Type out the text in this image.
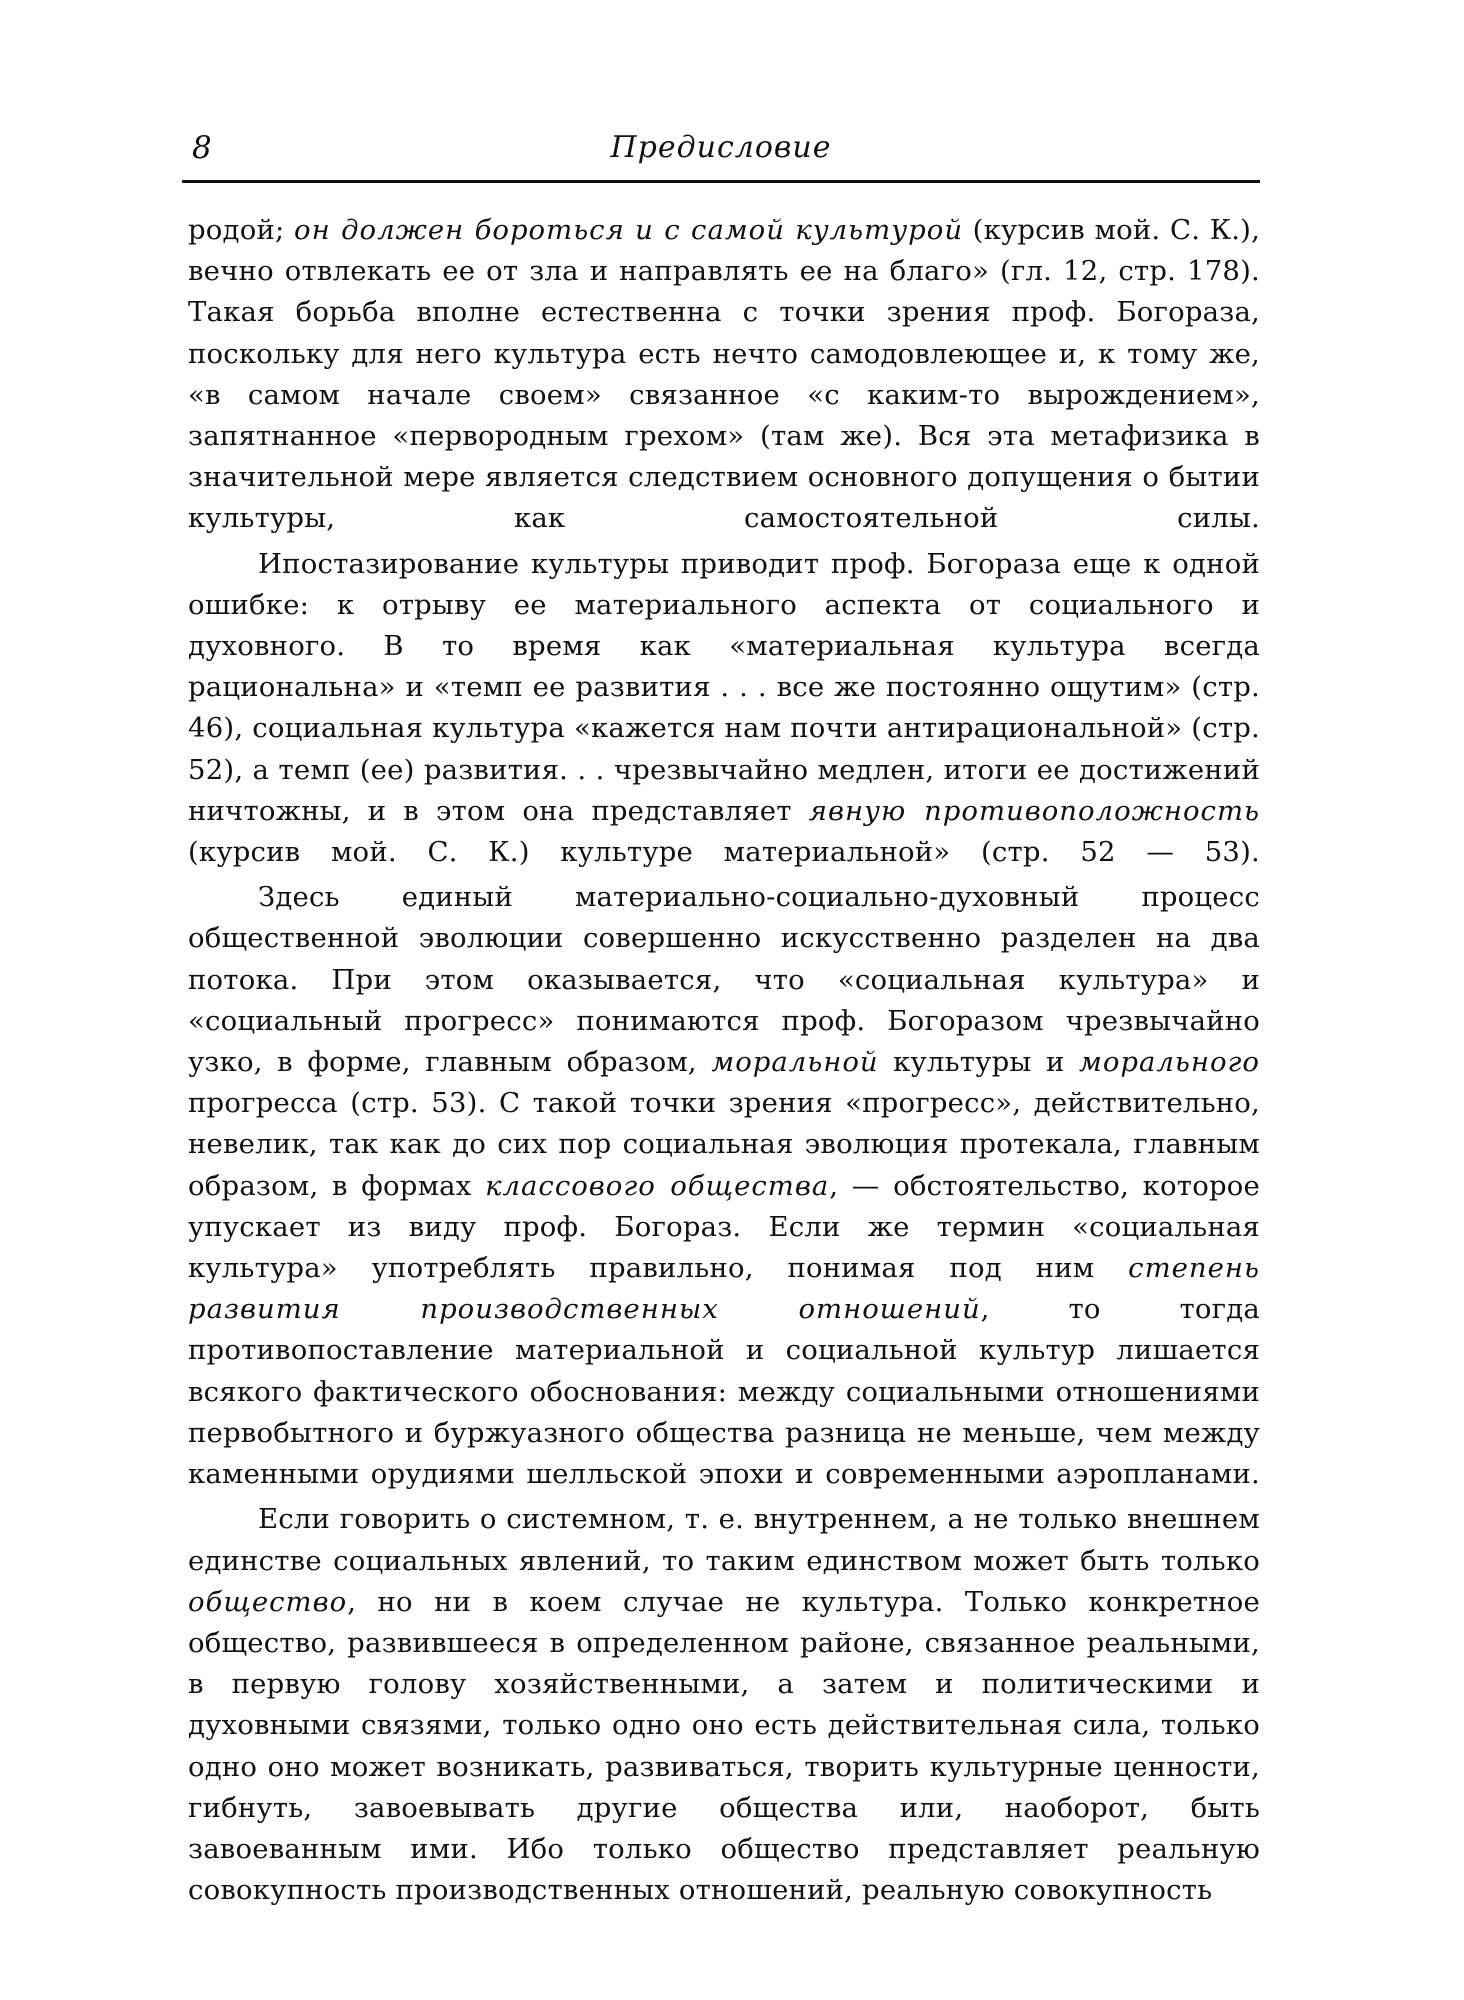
8	Предисловие

родой; он должен бороться и с самой культурой (курсив мой. С. К.), вечно отвлекать ее от зла и направлять ее на благо» (гл. 12, стр. 178). Такая борьба вполне естественна с точки зрения проф. Богораза, поскольку для него культура есть нечто самодовлеющее и, к тому же, «в самом начале своем» связанное «с каким-то вырождением», запятнанное «первородным грехом» (там же). Вся эта метафизика в значительной мере является следствием основного допущения о бытии культуры, как самостоятельной силы.

Ипостазирование культуры приводит проф. Богораза еще к одной ошибке: к отрыву ее материального аспекта от социального и духовного. В то время как «материальная культура всегда рациональна» и «темп ее развития . . . все же постоянно ощутим» (стр. 46), социальная культура «кажется нам почти антирациональной» (стр. 52), а темп (ее) развития. . . чрезвычайно медлен, итоги ее достижений ничтожны, и в этом она представляет явную противоположность (курсив мой. С. К.) культуре материальной» (стр. 52 — 53).

Здесь единый материально-социально-духовный процесс общественной эволюции совершенно искусственно разделен на два потока. При этом оказывается, что «социальная культура» и «социальный прогресс» понимаются проф. Богоразом чрезвычайно узко, в форме, главным образом, моральной культуры и морального прогресса (стр. 53). С такой точки зрения «прогресс», действительно, невелик, так как до сих пор социальная эволюция протекала, главным образом, в формах классового общества, — обстоятельство, которое упускает из виду проф. Богораз. Если же термин «социальная культура» употреблять правильно, понимая под ним степень развития производственных отношений, то тогда противопоставление материальной и социальной культур лишается всякого фактического обоснования: между социальными отношениями первобытного и буржуазного общества разница не меньше, чем между каменными орудиями шелльской эпохи и современными аэропланами.

Если говорить о системном, т. е. внутреннем, а не только внешнем единстве социальных явлений, то таким единством может быть только общество, но ни в коем случае не культура. Только конкретное общество, развившееся в определенном районе, связанное реальными, в первую голову хозяйственными, а затем и политическими и духовными связями, только одно оно есть действительная сила, только одно оно может возникать, развиваться, творить культурные ценности, гибнуть, завоевывать другие общества или, наоборот, быть завоеванным ими. Ибо только общество представляет реальную совокупность производственных отношений, реальную совокупность
